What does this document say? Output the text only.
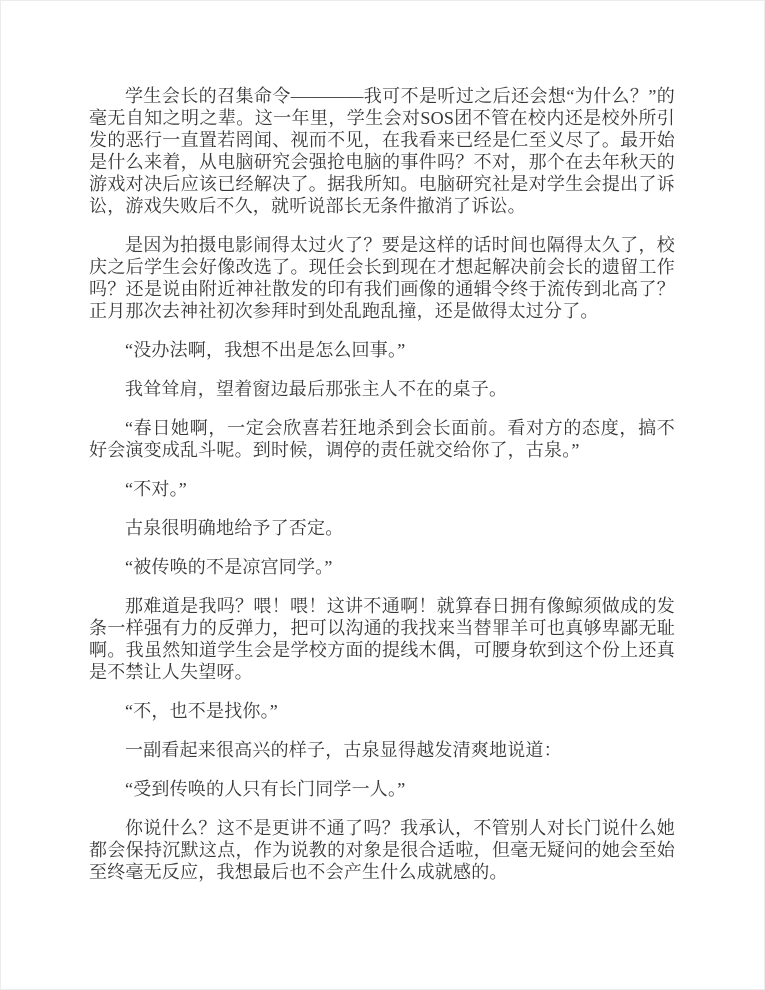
学生会长的召集命令————我可不是听过之后还会想“为什么？”的毫无自知之明之辈。这一年里，学生会对SOS团不管在校内还是校外所引发的恶行一直置若罔闻、视而不见，在我看来已经是仁至义尽了。最开始是什么来着，从电脑研究会强抢电脑的事件吗？不对，那个在去年秋天的游戏对决后应该已经解决了。据我所知。电脑研究社是对学生会提出了诉讼，游戏失败后不久，就听说部长无条件撤消了诉讼。

是因为拍摄电影闹得太过火了？要是这样的话时间也隔得太久了，校庆之后学生会好像改选了。现任会长到现在才想起解决前会长的遗留工作吗？还是说由附近神社散发的印有我们画像的通辑令终于流传到北高了？正月那次去神社初次参拜时到处乱跑乱撞，还是做得太过分了。

“没办法啊，我想不出是怎么回事。”

我耸耸肩，望着窗边最后那张主人不在的桌子。

“春日她啊，一定会欣喜若狂地杀到会长面前。看对方的态度，搞不好会演变成乱斗呢。到时候，调停的责任就交给你了，古泉。”

“不对。”

古泉很明确地给予了否定。

“被传唤的不是凉宫同学。”

那难道是我吗？喂！喂！这讲不通啊！就算春日拥有像鲸须做成的发条一样强有力的反弹力，把可以沟通的我找来当替罪羊可也真够卑鄙无耻啊。我虽然知道学生会是学校方面的提线木偶，可腰身软到这个份上还真是不禁让人失望呀。

“不，也不是找你。”

一副看起来很高兴的样子，古泉显得越发清爽地说道：

“受到传唤的人只有长门同学一人。”

你说什么？这不是更讲不通了吗？我承认，不管别人对长门说什么她都会保持沉默这点，作为说教的对象是很合适啦，但毫无疑问的她会至始至终毫无反应，我想最后也不会产生什么成就感的。
